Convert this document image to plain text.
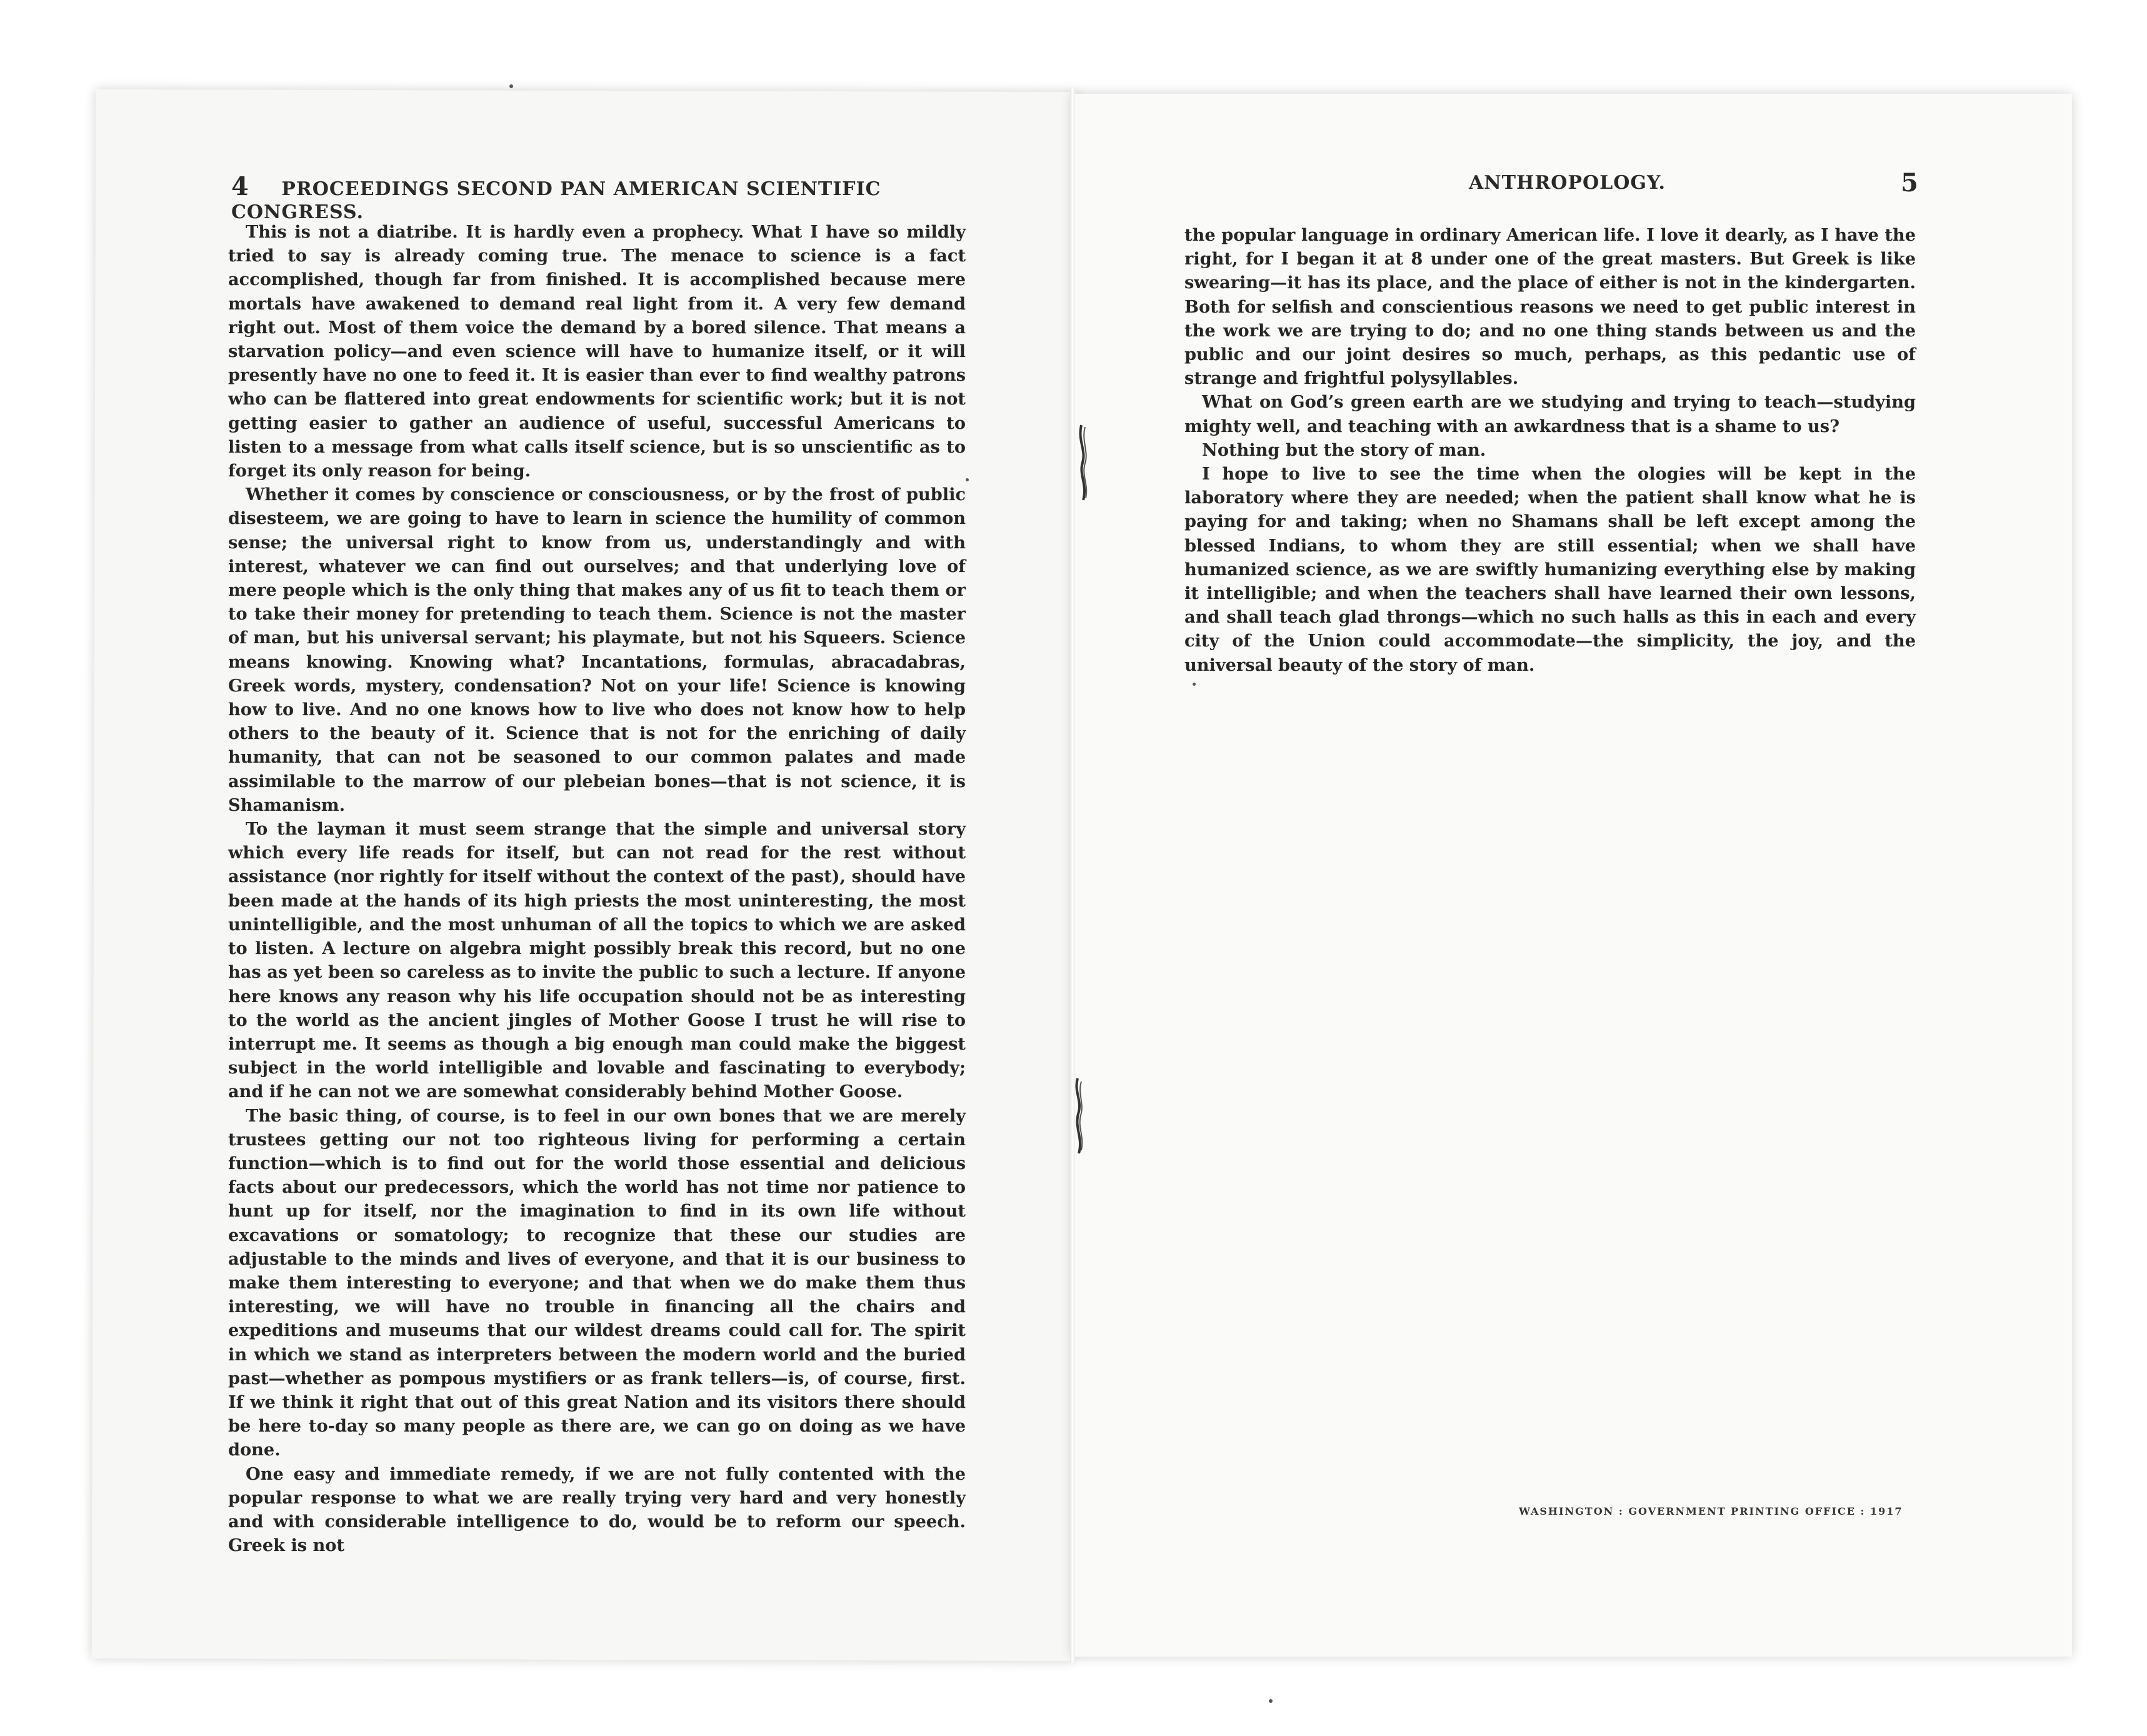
4 PROCEEDINGS SECOND PAN AMERICAN SCIENTIFIC CONGRESS.

This is not a diatribe. It is hardly even a prophecy. What I have so mildly tried to say is already coming true. The menace to science is a fact accomplished, though far from finished. It is accomplished because mere mortals have awakened to demand real light from it. A very few demand right out. Most of them voice the demand by a bored silence. That means a starvation policy—and even science will have to humanize itself, or it will presently have no one to feed it. It is easier than ever to find wealthy patrons who can be flattered into great endowments for scientific work; but it is not getting easier to gather an audience of useful, successful Americans to listen to a message from what calls itself science, but is so unscientific as to forget its only reason for being.

Whether it comes by conscience or consciousness, or by the frost of public disesteem, we are going to have to learn in science the humility of common sense; the universal right to know from us, understandingly and with interest, whatever we can find out ourselves; and that underlying love of mere people which is the only thing that makes any of us fit to teach them or to take their money for pretending to teach them. Science is not the master of man, but his universal servant; his playmate, but not his Squeers. Science means knowing. Knowing what? Incantations, formulas, abracadabras, Greek words, mystery, condensation? Not on your life! Science is knowing how to live. And no one knows how to live who does not know how to help others to the beauty of it. Science that is not for the enriching of daily humanity, that can not be seasoned to our common palates and made assimilable to the marrow of our plebeian bones—that is not science, it is Shamanism.

To the layman it must seem strange that the simple and universal story which every life reads for itself, but can not read for the rest without assistance (nor rightly for itself without the context of the past), should have been made at the hands of its high priests the most uninteresting, the most unintelligible, and the most unhuman of all the topics to which we are asked to listen. A lecture on algebra might possibly break this record, but no one has as yet been so careless as to invite the public to such a lecture. If anyone here knows any reason why his life occupation should not be as interesting to the world as the ancient jingles of Mother Goose I trust he will rise to interrupt me. It seems as though a big enough man could make the biggest subject in the world intelligible and lovable and fascinating to everybody; and if he can not we are somewhat considerably behind Mother Goose.

The basic thing, of course, is to feel in our own bones that we are merely trustees getting our not too righteous living for performing a certain function—which is to find out for the world those essential and delicious facts about our predecessors, which the world has not time nor patience to hunt up for itself, nor the imagination to find in its own life without excavations or somatology; to recognize that these our studies are adjustable to the minds and lives of everyone, and that it is our business to make them interesting to everyone; and that when we do make them thus interesting, we will have no trouble in financing all the chairs and expeditions and museums that our wildest dreams could call for. The spirit in which we stand as interpreters between the modern world and the buried past—whether as pompous mystifiers or as frank tellers—is, of course, first. If we think it right that out of this great Nation and its visitors there should be here to-day so many people as there are, we can go on doing as we have done.

One easy and immediate remedy, if we are not fully contented with the popular response to what we are really trying very hard and very honestly and with considerable intelligence to do, would be to reform our speech. Greek is not

ANTHROPOLOGY.	5

the popular language in ordinary American life. I love it dearly, as I have the right, for I began it at 8 under one of the great masters. But Greek is like swearing—it has its place, and the place of either is not in the kindergarten. Both for selfish and conscientious reasons we need to get public interest in the work we are trying to do; and no one thing stands between us and the public and our joint desires so much, perhaps, as this pedantic use of strange and frightful polysyllables.

What on God’s green earth are we studying and trying to teach—studying mighty well, and teaching with an awkardness that is a shame to us?

Nothing but the story of man.

I hope to live to see the time when the ologies will be kept in the laboratory where they are needed; when the patient shall know what he is paying for and taking; when no Shamans shall be left except among the blessed Indians, to whom they are still essential; when we shall have humanized science, as we are swiftly humanizing everything else by making it intelligible; and when the teachers shall have learned their own lessons, and shall teach glad throngs—which no such halls as this in each and every city of the Union could accommodate—the simplicity, the joy, and the universal beauty of the story of man.

WASHINGTON : GOVERNMENT PRINTING OFFICE : 1917
